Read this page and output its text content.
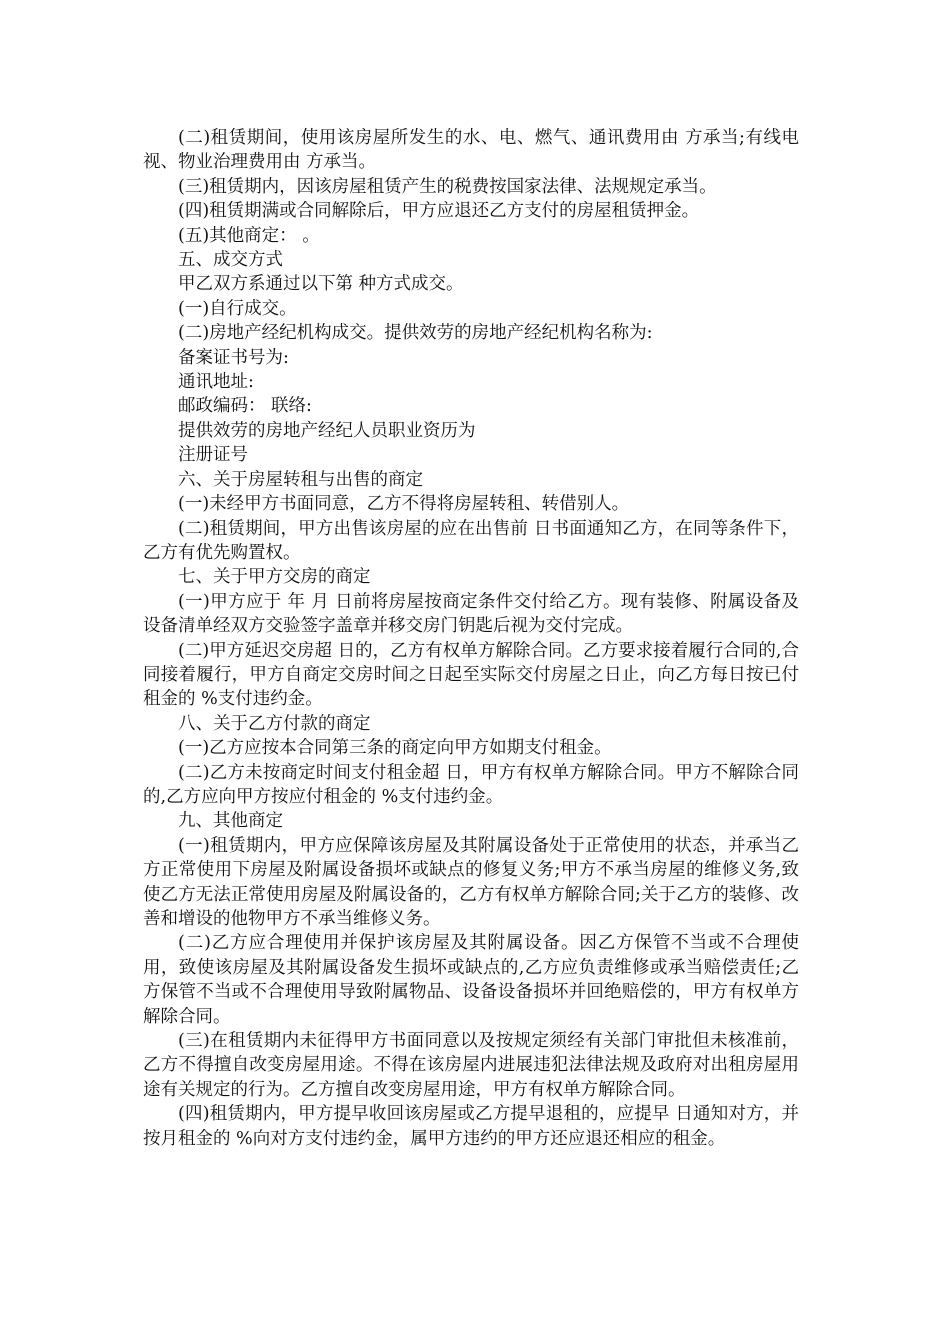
(二)租赁期间，使用该房屋所发生的水、电、燃气、通讯费用由 方承当;有线电视、物业治理费用由 方承当。

(三)租赁期内，因该房屋租赁产生的税费按国家法律、法规规定承当。

(四)租赁期满或合同解除后，甲方应退还乙方支付的房屋租赁押金。

(五)其他商定： 。

五、成交方式

甲乙双方系通过以下第 种方式成交。

(一)自行成交。

(二)房地产经纪机构成交。提供效劳的房地产经纪机构名称为:

备案证书号为:

通讯地址:

邮政编码： 联络:

提供效劳的房地产经纪人员职业资历为

注册证号

六、关于房屋转租与出售的商定

(一)未经甲方书面同意，乙方不得将房屋转租、转借别人。

(二)租赁期间，甲方出售该房屋的应在出售前 日书面通知乙方，在同等条件下，乙方有优先购置权。

七、关于甲方交房的商定

(一)甲方应于 年 月 日前将房屋按商定条件交付给乙方。现有装修、附属设备及设备清单经双方交验签字盖章并移交房门钥匙后视为交付完成。

(二)甲方延迟交房超 日的，乙方有权单方解除合同。乙方要求接着履行合同的,合同接着履行，甲方自商定交房时间之日起至实际交付房屋之日止，向乙方每日按已付租金的 %支付违约金。

八、关于乙方付款的商定

(一)乙方应按本合同第三条的商定向甲方如期支付租金。

(二)乙方未按商定时间支付租金超 日，甲方有权单方解除合同。甲方不解除合同的,乙方应向甲方按应付租金的 %支付违约金。

九、其他商定

(一)租赁期内，甲方应保障该房屋及其附属设备处于正常使用的状态，并承当乙方正常使用下房屋及附属设备损坏或缺点的修复义务;甲方不承当房屋的维修义务,致使乙方无法正常使用房屋及附属设备的，乙方有权单方解除合同;关于乙方的装修、改善和增设的他物甲方不承当维修义务。

(二)乙方应合理使用并保护该房屋及其附属设备。因乙方保管不当或不合理使用，致使该房屋及其附属设备发生损坏或缺点的,乙方应负责维修或承当赔偿责任;乙方保管不当或不合理使用导致附属物品、设备设备损坏并回绝赔偿的，甲方有权单方解除合同。

(三)在租赁期内未征得甲方书面同意以及按规定须经有关部门审批但未核准前，乙方不得擅自改变房屋用途。不得在该房屋内进展违犯法律法规及政府对出租房屋用途有关规定的行为。乙方擅自改变房屋用途，甲方有权单方解除合同。

(四)租赁期内，甲方提早收回该房屋或乙方提早退租的，应提早 日通知对方，并按月租金的 %向对方支付违约金，属甲方违约的甲方还应退还相应的租金。
